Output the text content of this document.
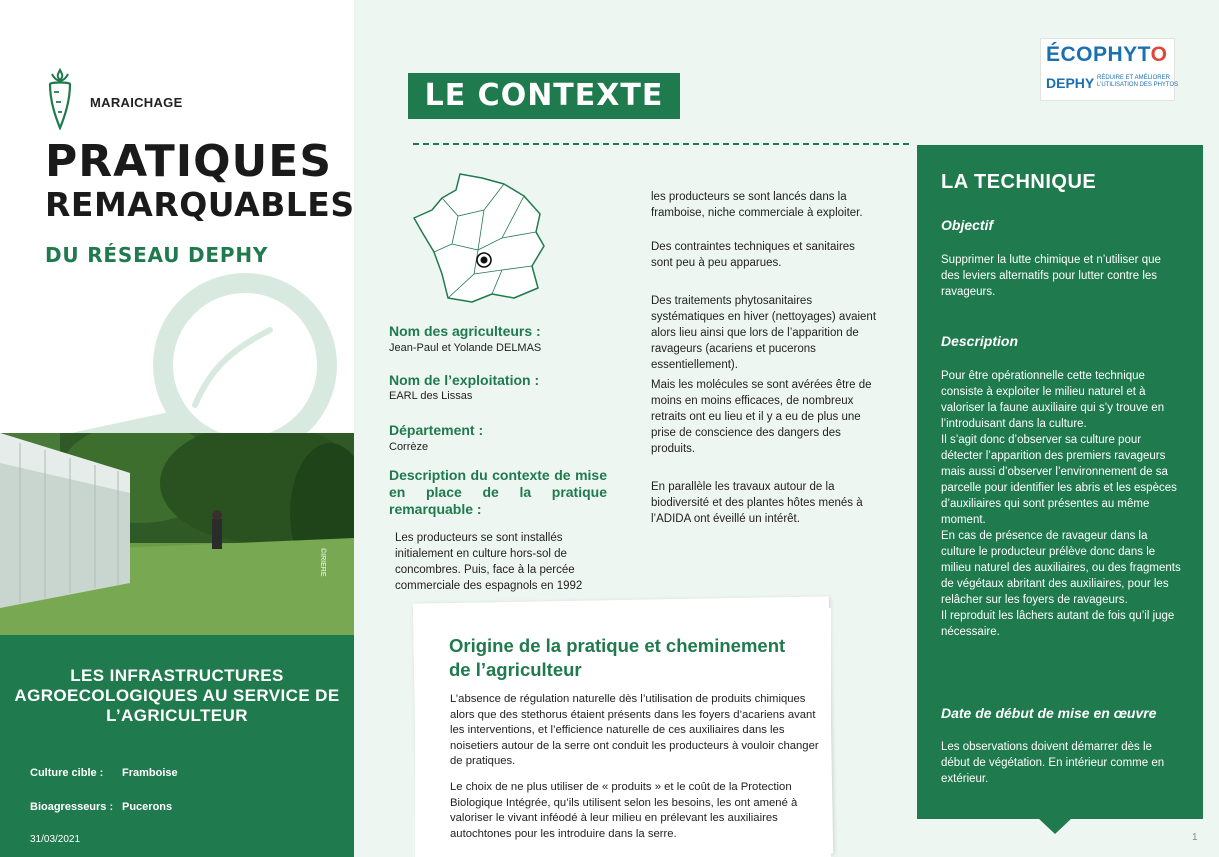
MARAICHAGE
PRATIQUES
REMARQUABLES
DU RÉSEAU DEPHY
©IRIERE
LES INFRASTRUCTURES AGROECOLOGIQUES AU SERVICE DE L’AGRICULTEUR
Culture cible : Framboise
Bioagresseurs : Pucerons
31/03/2021
LE CONTEXTE
Nom des agriculteurs :
Jean-Paul et Yolande DELMAS
Nom de l’exploitation :
EARL des Lissas
Département :
Corrèze
Description du contexte de mise en place de la pratique remarquable :
Les producteurs se sont installés initialement en culture hors-sol de concombres. Puis, face à la percée commerciale des espagnols en 1992
les producteurs se sont lancés dans la framboise, niche commerciale à exploiter.
Des contraintes techniques et sanitaires sont peu à peu apparues.
Des traitements phytosanitaires systématiques en hiver (nettoyages) avaient alors lieu ainsi que lors de l’apparition de ravageurs (acariens et pucerons essentiellement).
Mais les molécules se sont avérées être de moins en moins efficaces, de nombreux retraits ont eu lieu et il y a eu de plus une prise de conscience des dangers des produits.
En parallèle les travaux autour de la biodiversité et des plantes hôtes menés à l’ADIDA ont éveillé un intérêt.
Origine de la pratique et cheminement de l’agriculteur
L’absence de régulation naturelle dès l’utilisation de produits chimiques alors que des stethorus étaient présents dans les foyers d’acariens avant les interventions, et l’efficience naturelle de ces auxiliaires dans les noisetiers autour de la serre ont conduit les producteurs à vouloir changer de pratiques.
Le choix de ne plus utiliser de « produits » et le coût de la Protection Biologique Intégrée, qu’ils utilisent selon les besoins, les ont amené à valoriser le vivant inféodé à leur milieu en prélevant les auxiliaires autochtones pour les introduire dans la serre.
ÉCOPHYTO
DEPHY RÉDUIRE ET AMÉLIORER
L’UTILISATION DES PHYTOS
LA TECHNIQUE
Objectif
Supprimer la lutte chimique et n’utiliser que des leviers alternatifs pour lutter contre les ravageurs.
Description
Pour être opérationnelle cette technique consiste à exploiter le milieu naturel et à valoriser la faune auxiliaire qui s’y trouve en l’introduisant dans la culture.
Il s’agit donc d’observer sa culture pour détecter l’apparition des premiers ravageurs mais aussi d’observer l’environnement de sa parcelle pour identifier les abris et les espèces d’auxiliaires qui sont présentes au même moment.
En cas de présence de ravageur dans la culture le producteur prélève donc dans le milieu naturel des auxiliaires, ou des fragments de végétaux abritant des auxiliaires, pour les relâcher sur les foyers de ravageurs.
Il reproduit les lâchers autant de fois qu’il juge nécessaire.
Date de début de mise en œuvre
Les observations doivent démarrer dès le début de végétation. En intérieur comme en extérieur.
1
